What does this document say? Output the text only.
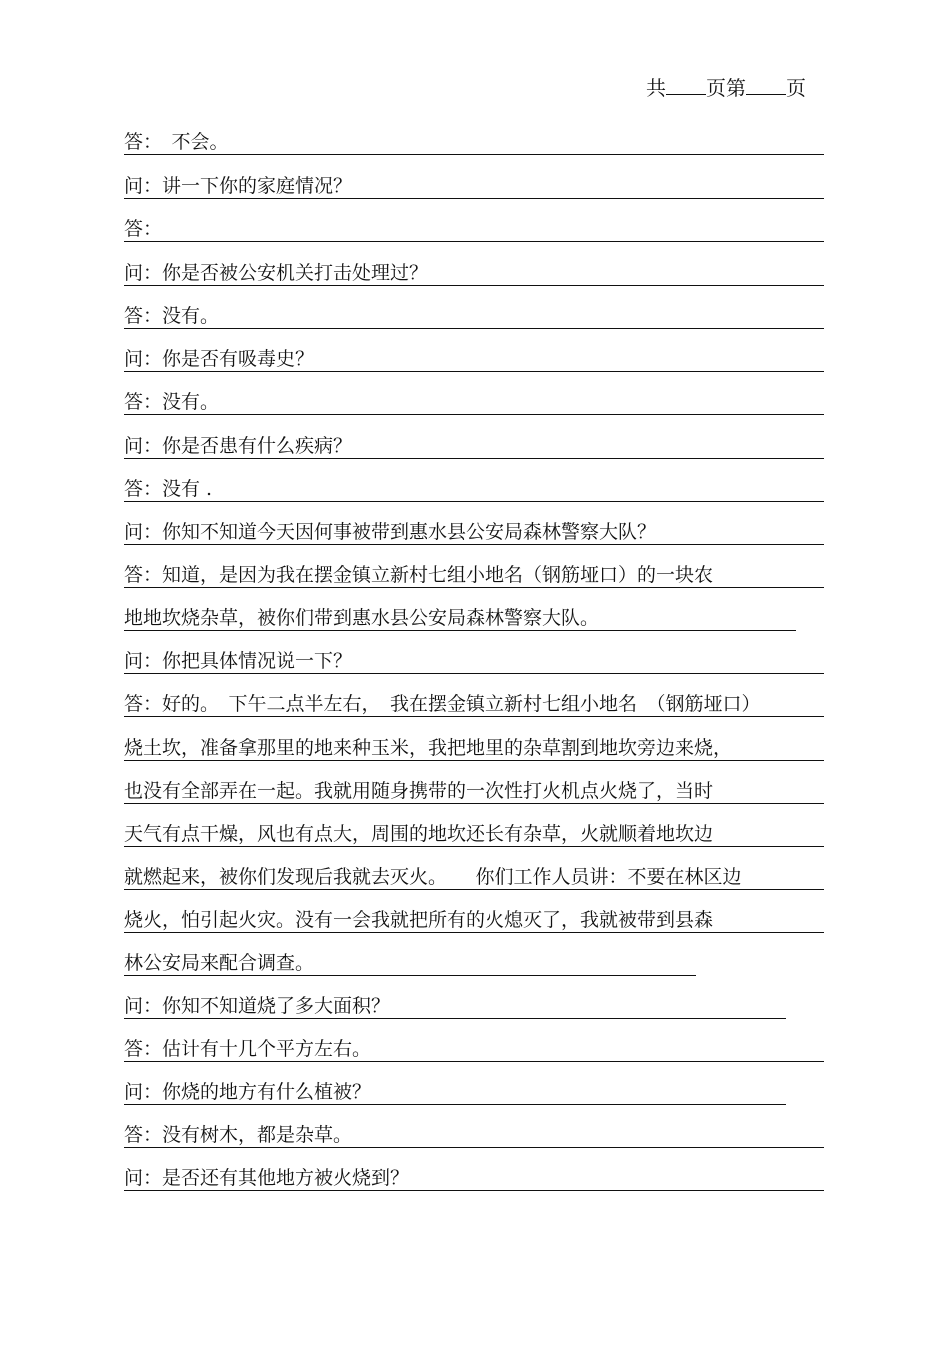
共 页第 页
答：　不会。
问：讲一下你的家庭情况？
答：
问：你是否被公安机关打击处理过？
答：没有。
问：你是否有吸毒史？
答：没有。
问：你是否患有什么疾病？
答：没有 .
问：你知不知道今天因何事被带到惠水县公安局森林警察大队？
答：知道，是因为我在摆金镇立新村七组小地名（钢筋垭口）的一块农
地地坎烧杂草，被你们带到惠水县公安局森林警察大队。
问：你把具体情况说一下？
答：好的。　下午二点半左右，　我在摆金镇立新村七组小地名　（钢筋垭口）
烧土坎，准备拿那里的地来种玉米，我把地里的杂草割到地坎旁边来烧，
也没有全部弄在一起。我就用随身携带的一次性打火机点火烧了，当时
天气有点干燥，风也有点大，周围的地坎还长有杂草，火就顺着地坎边
就燃起来，被你们发现后我就去灭火。　　你们工作人员讲：不要在林区边
烧火，怕引起火灾。没有一会我就把所有的火熄灭了，我就被带到县森
林公安局来配合调查。
问：你知不知道烧了多大面积？
答：估计有十几个平方左右。
问：你烧的地方有什么植被？
答：没有树木，都是杂草。
问：是否还有其他地方被火烧到？
